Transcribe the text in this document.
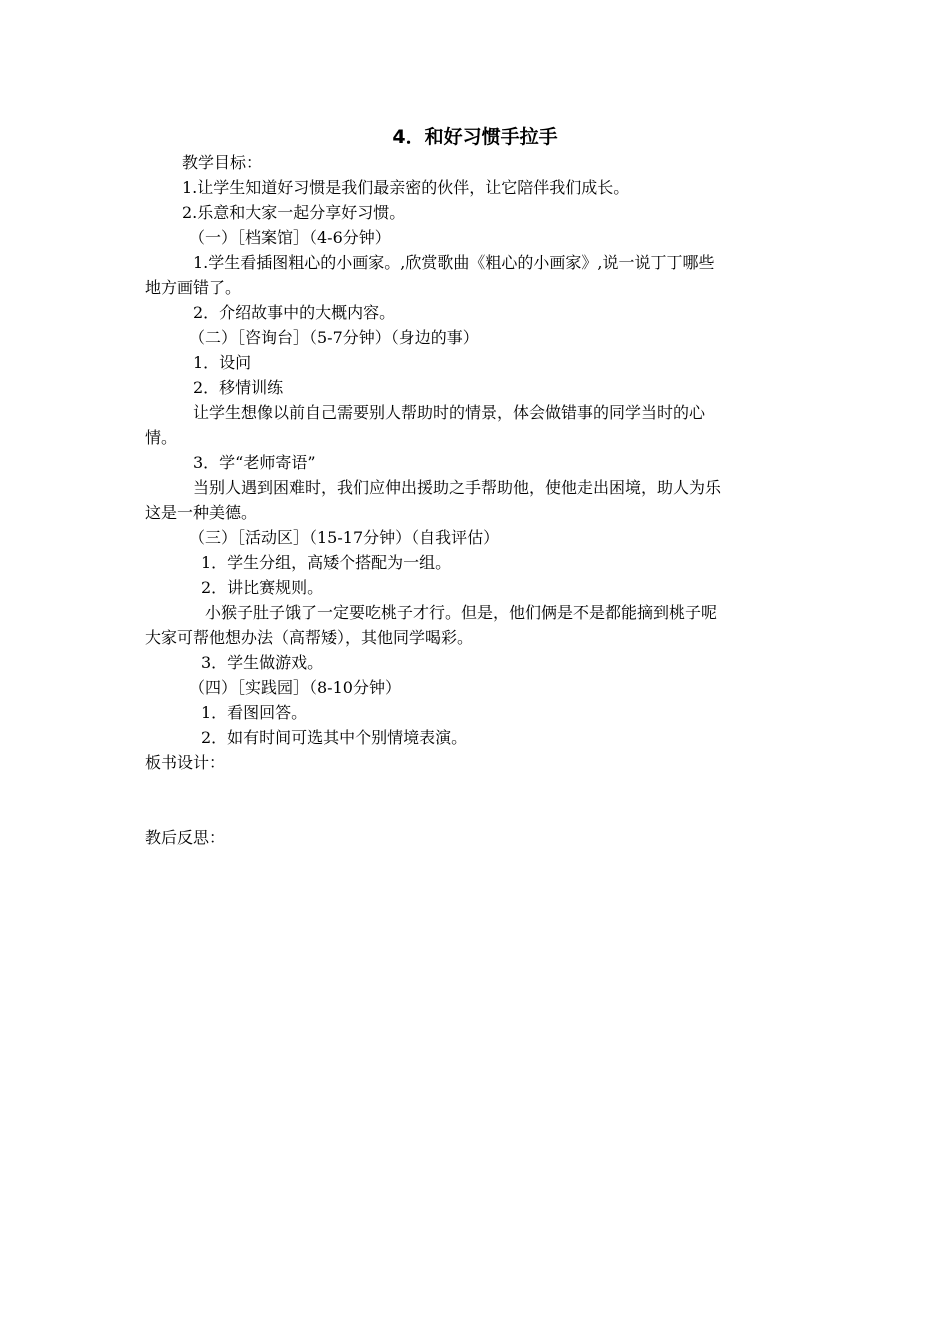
4．和好习惯手拉手
教学目标：
1.让学生知道好习惯是我们最亲密的伙伴，让它陪伴我们成长。
2.乐意和大家一起分享好习惯。
（一）［档案馆］（4-6分钟）
1.学生看插图粗心的小画家。,欣赏歌曲《粗心的小画家》,说一说丁丁哪些
地方画错了。
2．介绍故事中的大概内容。
（二）［咨询台］（5-7分钟）（身边的事）
1．设问
2．移情训练
让学生想像以前自己需要别人帮助时的情景，体会做错事的同学当时的心
情。
3．学“老师寄语”
当别人遇到困难时，我们应伸出援助之手帮助他，使他走出困境，助人为乐
这是一种美德。
（三）［活动区］（15-17分钟）（自我评估）
1．学生分组，高矮个搭配为一组。
2．讲比赛规则。
小猴子肚子饿了一定要吃桃子才行。但是，他们俩是不是都能摘到桃子呢
大家可帮他想办法（高帮矮），其他同学喝彩。
3．学生做游戏。
（四）［实践园］（8-10分钟）
1．看图回答。
2．如有时间可选其中个别情境表演。
板书设计：
教后反思：
